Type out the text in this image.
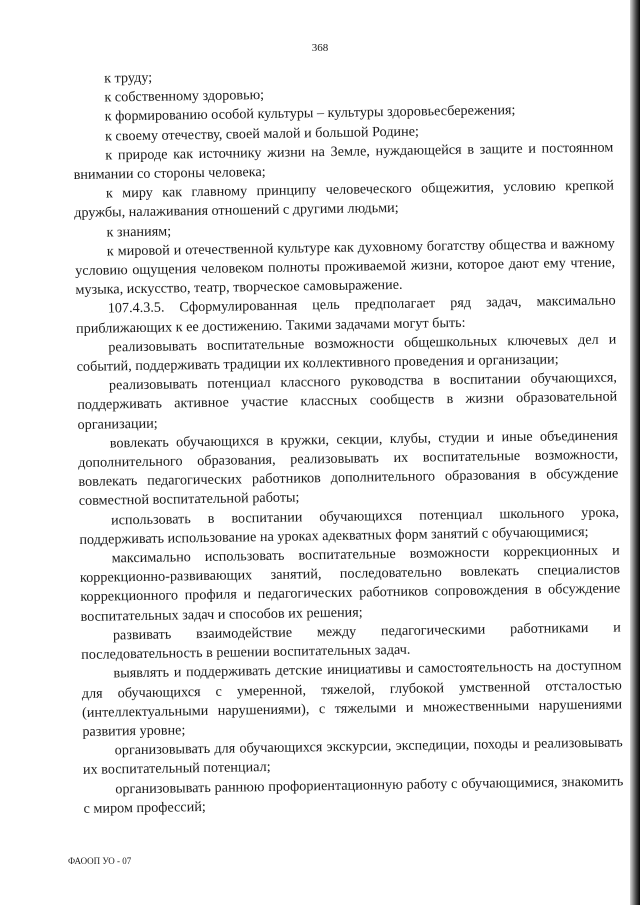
368

к труду;

к собственному здоровью;

к формированию особой культуры – культуры здоровьесбережения;

к своему отечеству, своей малой и большой Родине;

к природе как источнику жизни на Земле, нуждающейся в защите и постоянном внимании со стороны человека;

к миру как главному принципу человеческого общежития, условию крепкой дружбы, налаживания отношений с другими людьми;

к знаниям;

к мировой и отечественной культуре как духовному богатству общества и важному условию ощущения человеком полноты проживаемой жизни, которое дают ему чтение, музыка, искусство, театр, творческое самовыражение.

107.4.3.5. Сформулированная цель предполагает ряд задач, максимально приближающих к ее достижению. Такими задачами могут быть:

реализовывать воспитательные возможности общешкольных ключевых дел и событий, поддерживать традиции их коллективного проведения и организации;

реализовывать потенциал классного руководства в воспитании обучающихся, поддерживать активное участие классных сообществ в жизни образовательной организации;

вовлекать обучающихся в кружки, секции, клубы, студии и иные объединения дополнительного образования, реализовывать их воспитательные возможности, вовлекать педагогических работников дополнительного образования в обсуждение совместной воспитательной работы;

использовать в воспитании обучающихся потенциал школьного урока, поддерживать использование на уроках адекватных форм занятий с обучающимися;

максимально использовать воспитательные возможности коррекционных и коррекционно-развивающих занятий, последовательно вовлекать специалистов коррекционного профиля и педагогических работников сопровождения в обсуждение воспитательных задач и способов их решения;

развивать взаимодействие между педагогическими работниками и последовательность в решении воспитательных задач.

выявлять и поддерживать детские инициативы и самостоятельность на доступном для обучающихся с умеренной, тяжелой, глубокой умственной отсталостью (интеллектуальными нарушениями), с тяжелыми и множественными нарушениями развития уровне;

организовывать для обучающихся экскурсии, экспедиции, походы и реализовывать их воспитательный потенциал;

организовывать раннюю профориентационную работу с обучающимися, знакомить с миром профессий;

ФАООП УО - 07
